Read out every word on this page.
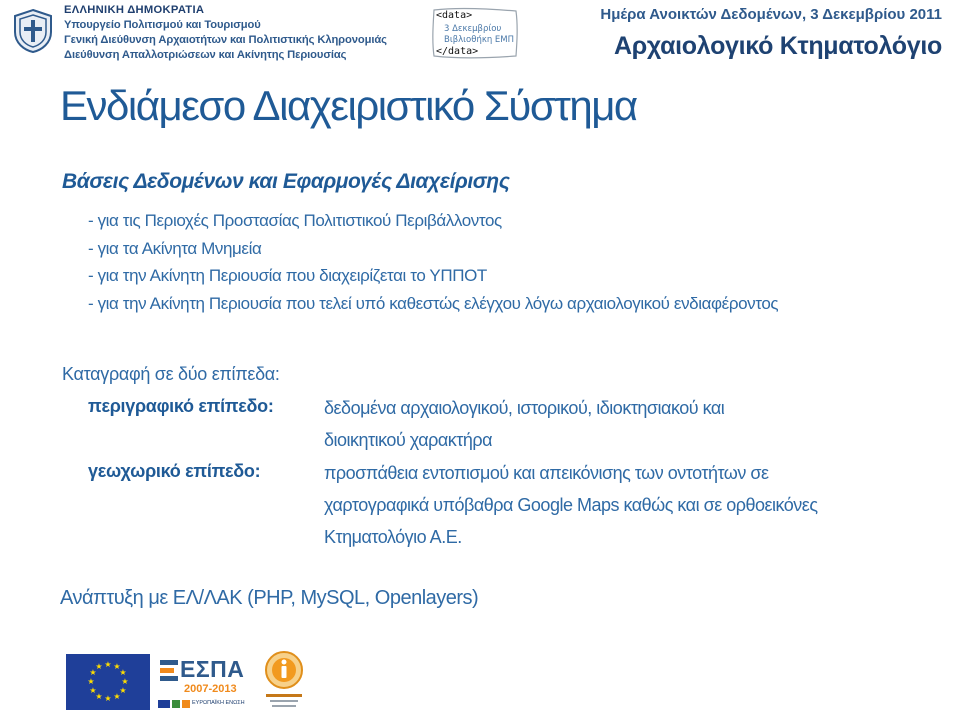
ΕΛΛΗΝΙΚΗ ΔΗΜΟΚΡΑΤΙΑ
Υπουργείο Πολιτισμού και Τουρισμού
Γενική Διεύθυνση Αρχαιοτήτων και Πολιτιστικής Κληρονομιάς
Διεύθυνση Απαλλοτριώσεων και Ακίνητης Περιουσίας
<data>
3 Δεκεμβρίου
Βιβλιοθήκη ΕΜΠ
</data>
Ημέρα Ανοικτών Δεδομένων, 3 Δεκεμβρίου 2011
Αρχαιολογικό Κτηματολόγιο
Ενδιάμεσο Διαχειριστικό Σύστημα
Βάσεις Δεδομένων και Εφαρμογές Διαχείρισης
- για τις Περιοχές Προστασίας Πολιτιστικού Περιβάλλοντος
- για τα Ακίνητα Μνημεία
- για την Ακίνητη Περιουσία που διαχειρίζεται το ΥΠΠΟΤ
- για την Ακίνητη Περιουσία που τελεί υπό καθεστώς ελέγχου λόγω αρχαιολογικού ενδιαφέροντος
Καταγραφή σε δύο επίπεδα:
περιγραφικό επίπεδο:	δεδομένα αρχαιολογικού, ιστορικού, ιδιοκτησιακού και
διοικητικού χαρακτήρα
γεωχωρικό επίπεδο:	προσπάθεια εντοπισμού και απεικόνισης των οντοτήτων σε
χαρτογραφικά υπόβαθρα Google Maps καθώς και σε ορθοεικόνες
Κτηματολόγιο Α.Ε.
Ανάπτυξη με ΕΛ/ΛΑΚ (PHP, MySQL, Openlayers)
★ ★
★
★
★
★
★
★
★
★
★
★	ΕΣΠΑ
2007-2013
ΕΥΡΩΠΑΪΚΗ ΕΝΩΣΗ
